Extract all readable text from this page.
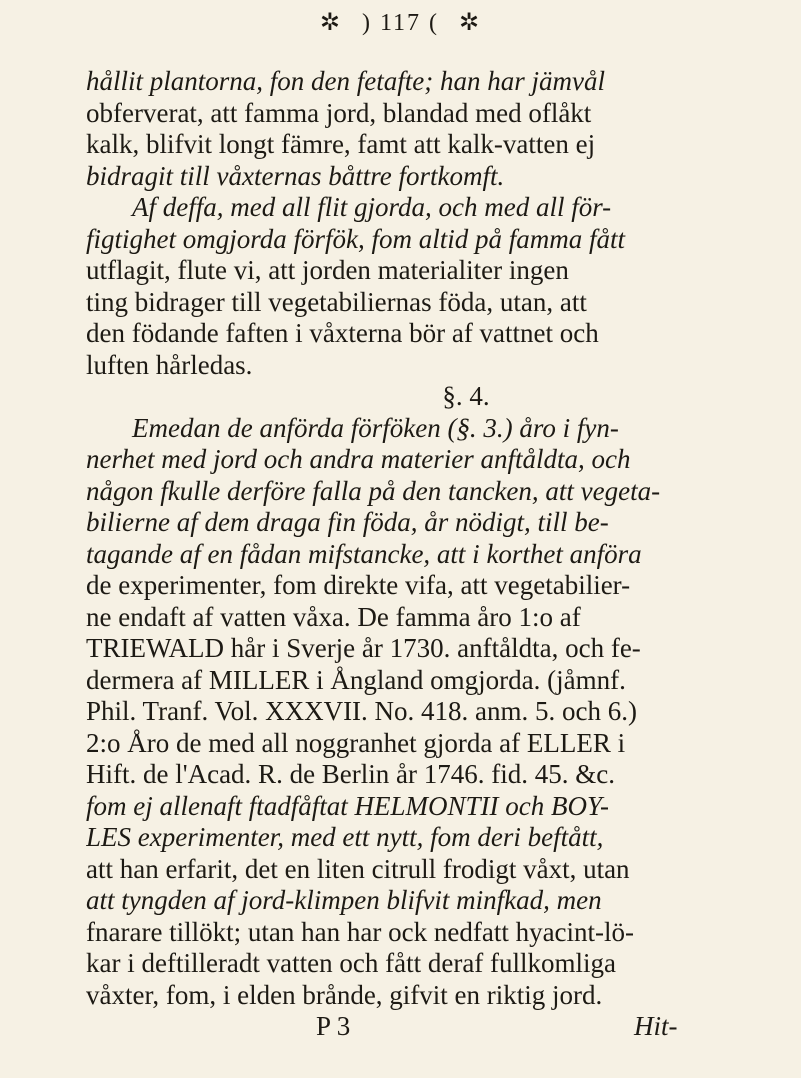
✲ ) 117 ( ✲
hållit plantorna, fon den fetafte; han har jämvål
obferverat, att famma jord, blandad med oflåkt
kalk, blifvit longt fämre, famt att kalk-vatten ej
bidragit till våxternas båttre fortkomft.
Af deffa, med all flit gjorda, och med all för-
figtighet omgjorda förfök, fom altid på famma fått
utflagit, flute vi, att jorden materialiter ingen
ting bidrager till vegetabiliernas föda, utan, att
den födande faften i våxterna bör af vattnet och
luften hårledas.
§. 4.
Emedan de anförda förföken (§. 3.) åro i fyn-
nerhet med jord och andra materier anftåldta, och
någon fkulle derföre falla på den tancken, att vegeta-
bilierne af dem draga fin föda, år nödigt, till be-
tagande af en fådan mifstancke, att i korthet anföra
de experimenter, fom direkte vifa, att vegetabilier-
ne endaft af vatten våxa. De famma åro 1:o af
TRIEWALD hår i Sverje år 1730. anftåldta, och fe-
dermera af MILLER i Ångland omgjorda. (jåmnf.
Phil. Tranf. Vol. XXXVII. No. 418. anm. 5. och 6.)
2:o Åro de med all noggranhet gjorda af ELLER i
Hift. de l'Acad. R. de Berlin år 1746. fid. 45. &c.
fom ej allenaft ftadfåftat HELMONTII och BOY-
LES experimenter, med ett nytt, fom deri beftått,
att han erfarit, det en liten citrull frodigt våxt, utan
att tyngden af jord-klimpen blifvit minfkad, men
fnarare tillökt; utan han har ock nedfatt hyacint-lö-
kar i deftilleradt vatten och fått deraf fullkomliga
våxter, fom, i elden brånde, gifvit en riktig jord.
P 3	Hit-
